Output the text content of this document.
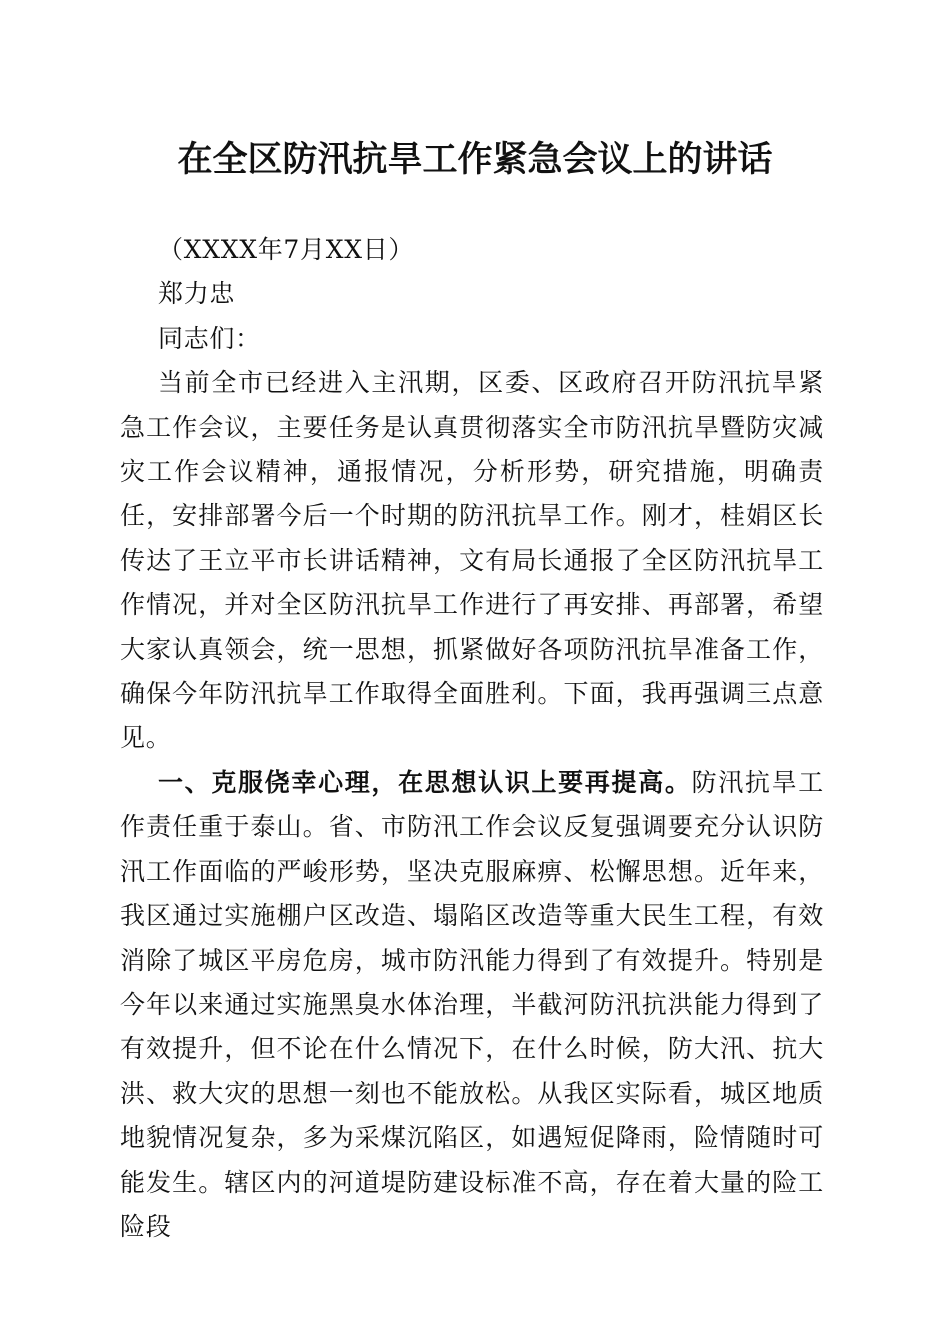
在全区防汛抗旱工作紧急会议上的讲话

（XXXX年7月XX日）

郑力忠

同志们：

当前全市已经进入主汛期，区委、区政府召开防汛抗旱紧急工作会议，主要任务是认真贯彻落实全市防汛抗旱暨防灾减灾工作会议精神，通报情况，分析形势，研究措施，明确责任，安排部署今后一个时期的防汛抗旱工作。刚才，桂娟区长传达了王立平市长讲话精神，文有局长通报了全区防汛抗旱工作情况，并对全区防汛抗旱工作进行了再安排、再部署，希望大家认真领会，统一思想，抓紧做好各项防汛抗旱准备工作，确保今年防汛抗旱工作取得全面胜利。下面，我再强调三点意见。

一、克服侥幸心理，在思想认识上要再提高。防汛抗旱工作责任重于泰山。省、市防汛工作会议反复强调要充分认识防汛工作面临的严峻形势，坚决克服麻痹、松懈思想。近年来，我区通过实施棚户区改造、塌陷区改造等重大民生工程，有效消除了城区平房危房，城市防汛能力得到了有效提升。特别是今年以来通过实施黑臭水体治理，半截河防汛抗洪能力得到了有效提升，但不论在什么情况下，在什么时候，防大汛、抗大洪、救大灾的思想一刻也不能放松。从我区实际看，城区地质地貌情况复杂，多为采煤沉陷区，如遇短促降雨，险情随时可能发生。辖区内的河道堤防建设标准不高，存在着大量的险工险段
